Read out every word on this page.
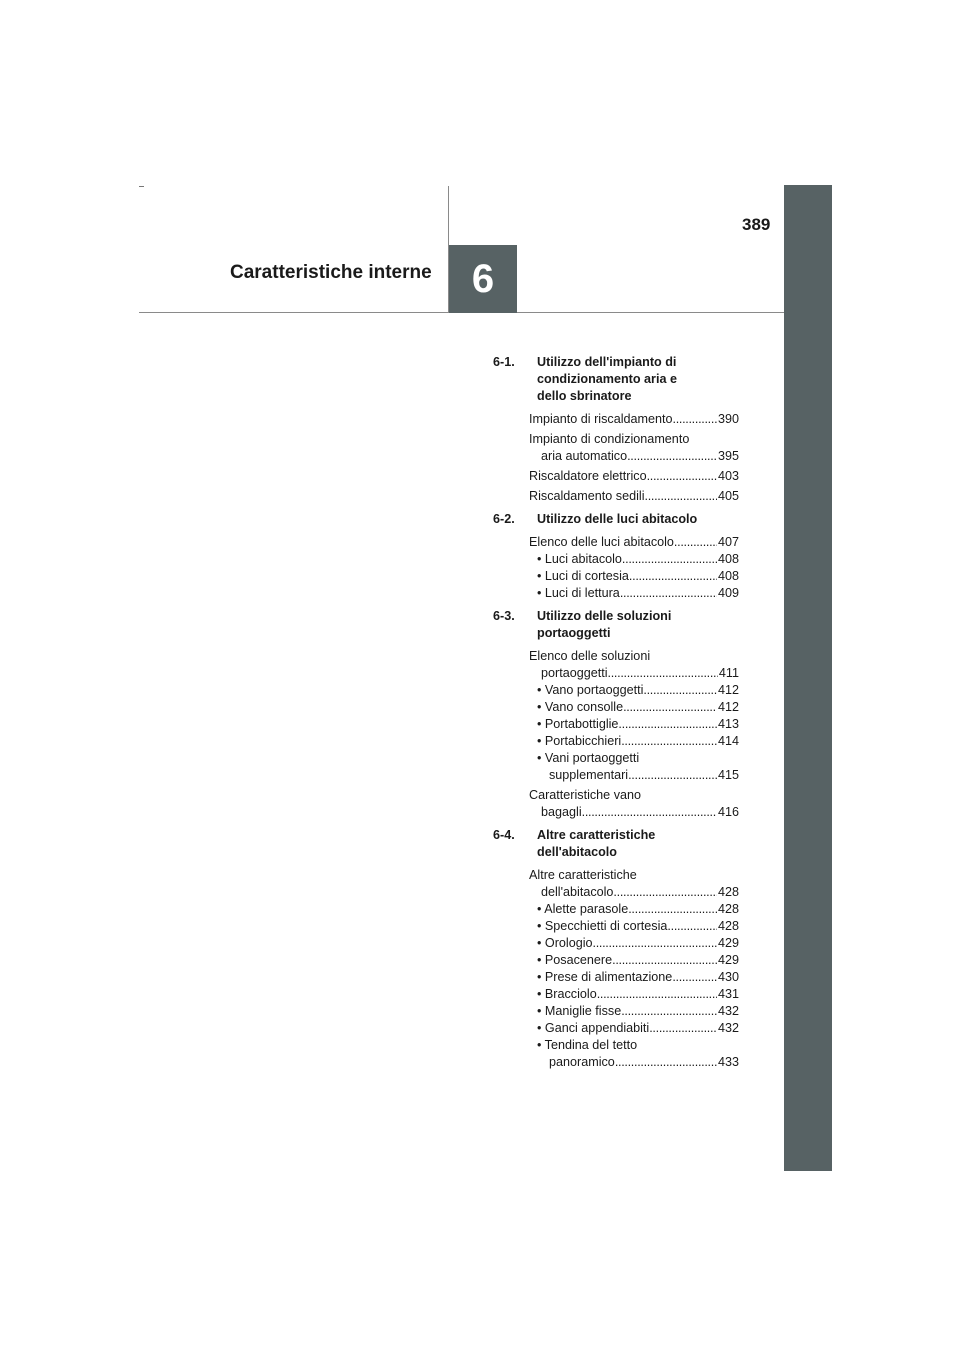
389
Caratteristiche interne 6
6-1.	Utilizzo dell'impianto di
condizionamento aria e
dello sbrinatore
Impianto di riscaldamento . . .	390
Impianto di condizionamento
aria automatico . . .	395
Riscaldatore elettrico . . .	403
Riscaldamento sedili . . .	405
6-2.	Utilizzo delle luci abitacolo
Elenco delle luci abitacolo . . .	407
• Luci abitacolo . . .	408
• Luci di cortesia . . .	408
• Luci di lettura . . .	409
6-3.	Utilizzo delle soluzioni
portaoggetti
Elenco delle soluzioni
portaoggetti . . .	411
• Vano portaoggetti . . .	412
• Vano consolle . . .	412
• Portabottiglie . . .	413
• Portabicchieri . . .	414
• Vani portaoggetti
supplementari . . .	415
Caratteristiche vano
bagagli . . .	416
6-4.	Altre caratteristiche
dell'abitacolo
Altre caratteristiche
dell'abitacolo . . .	428
• Alette parasole . . .	428
• Specchietti di cortesia . . .	428
• Orologio . . .	429
• Posacenere . . .	429
• Prese di alimentazione . . .	430
• Bracciolo . . .	431
• Maniglie fisse . . .	432
• Ganci appendiabiti . . .	432
• Tendina del tetto
panoramico . . .	433
